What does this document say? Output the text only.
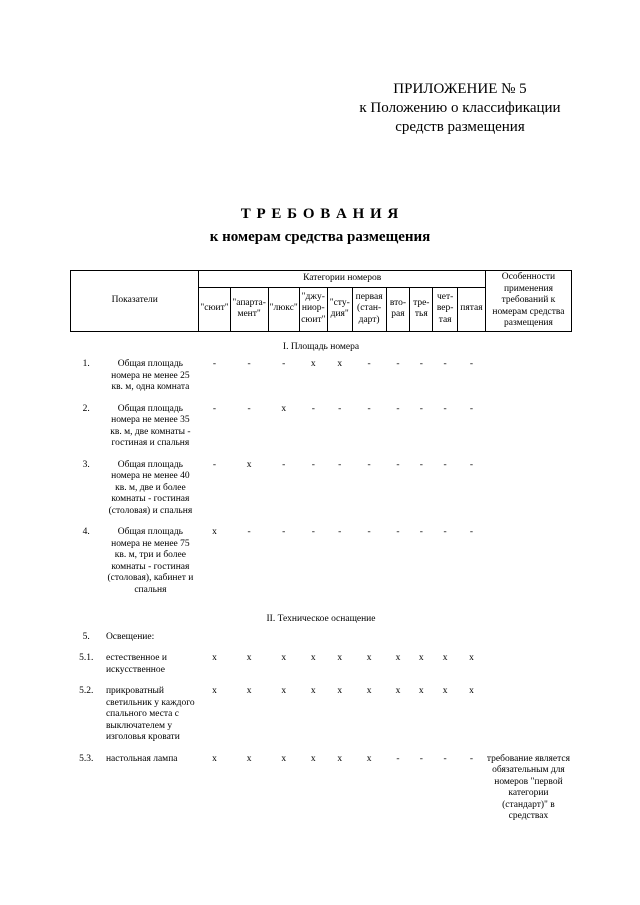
ПРИЛОЖЕНИЕ № 5
к Положению о классификации
средств размещения
Т Р Е Б О В А Н И Я
к номерам средства размещения
Показатели		Категории номеров										Особенности применения требований к номерам средства размещения
		"сюит"	"апарта-мент"	"люкс"	"джу-ниор-сюит"	"сту-дия"	первая (стан-дарт)	вто-рая	тре-тья	чет-вер-тая	пятая	
I. Площадь номера												
1.	Общая площадь номера не менее 25 кв. м, одна комната	-	-	-	х	х	-	-	-	-	-	
2.	Общая площадь номера не менее 35 кв. м, две комнаты - гостиная и спальня	-	-	х	-	-	-	-	-	-	-	
3.	Общая площадь номера не менее 40 кв. м, две и более комнаты - гостиная (столовая) и спальня	-	х	-	-	-	-	-	-	-	-	
4.	Общая площадь номера не менее 75 кв. м, три и более комнаты - гостиная (столовая), кабинет и спальня	х	-	-	-	-	-	-	-	-	-	
II. Техническое оснащение												
5.	Освещение:											
5.1.	естественное и искусственное	х	х	х	х	х	х	х	х	х	х	
5.2.	прикроватный светильник у каждого спального места с выключателем у изголовья кровати	х	х	х	х	х	х	х	х	х	х	
5.3.	настольная лампа	х	х	х	х	х	х	-	-	-	-	требование является обязательным для номеров "первой категории (стандарт)" в средствах
